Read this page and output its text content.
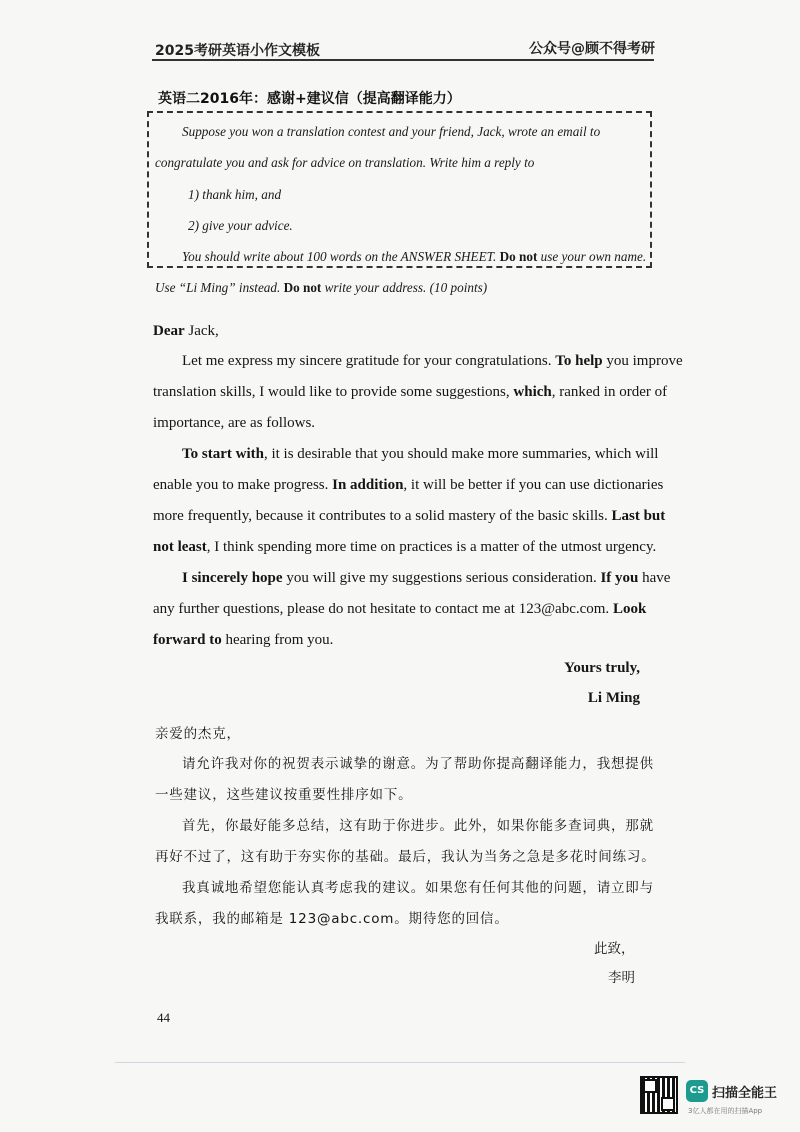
2025考研英语小作文模板	公众号@顾不得考研
英语二2016年：感谢+建议信（提高翻译能力）
Suppose you won a translation contest and your friend, Jack, wrote an email to
congratulate you and ask for advice on translation. Write him a reply to
1) thank him, and
2) give your advice.
You should write about 100 words on the ANSWER SHEET. Do not use your own name.
Use “Li Ming” instead. Do not write your address. (10 points)
Dear Jack,
Let me express my sincere gratitude for your congratulations. To help you improve
translation skills, I would like to provide some suggestions, which, ranked in order of
importance, are as follows.
To start with, it is desirable that you should make more summaries, which will
enable you to make progress. In addition, it will be better if you can use dictionaries
more frequently, because it contributes to a solid mastery of the basic skills. Last but
not least, I think spending more time on practices is a matter of the utmost urgency.
I sincerely hope you will give my suggestions serious consideration. If you have
any further questions, please do not hesitate to contact me at 123@abc.com. Look
forward to hearing from you.
Yours truly,
Li Ming
亲爱的杰克，
请允许我对你的祝贺表示诚挚的谢意。为了帮助你提高翻译能力，我想提供
一些建议，这些建议按重要性排序如下。
首先，你最好能多总结，这有助于你进步。此外，如果你能多查词典，那就
再好不过了，这有助于夯实你的基础。最后，我认为当务之急是多花时间练习。
我真诚地希望您能认真考虑我的建议。如果您有任何其他的问题，请立即与
我联系，我的邮箱是 123@abc.com。期待您的回信。
此致，
李明
44
CS 扫描全能王
3亿人都在用的扫描App
